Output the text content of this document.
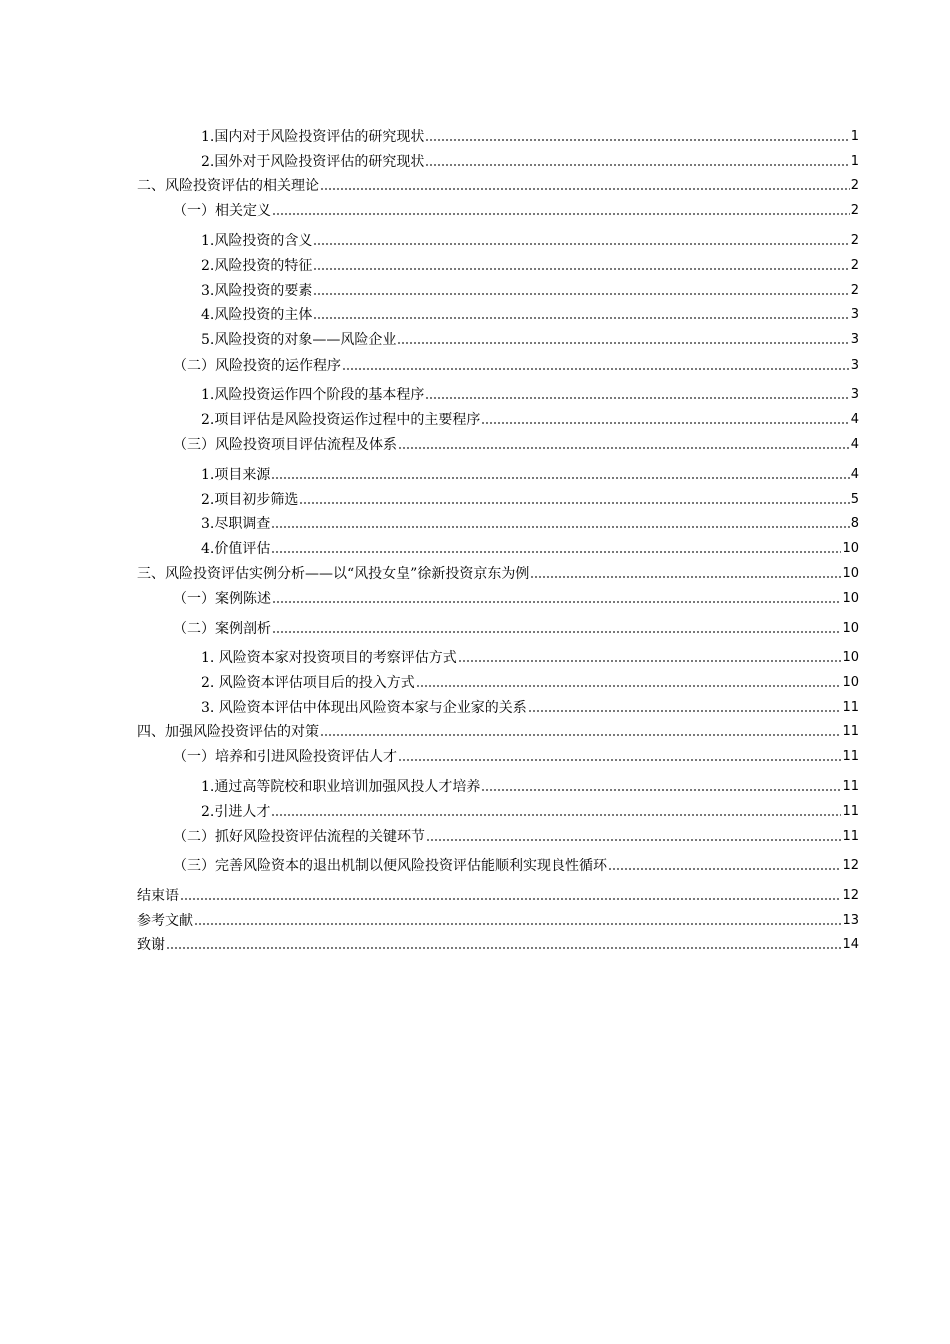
1.国内对于风险投资评估的研究现状	1
2.国外对于风险投资评估的研究现状	1
二、风险投资评估的相关理论	2
（一）相关定义	2
1.风险投资的含义	2
2.风险投资的特征	2
3.风险投资的要素	2
4.风险投资的主体	3
5.风险投资的对象——风险企业	3
（二）风险投资的运作程序	3
1.风险投资运作四个阶段的基本程序	3
2.项目评估是风险投资运作过程中的主要程序	4
（三）风险投资项目评估流程及体系	4
1.项目来源	4
2.项目初步筛选	5
3.尽职调查	8
4.价值评估	10
三、风险投资评估实例分析——以“风投女皇”徐新投资京东为例	10
（一）案例陈述	10
（二）案例剖析	10
1. 风险资本家对投资项目的考察评估方式	10
2. 风险资本评估项目后的投入方式	10
3. 风险资本评估中体现出风险资本家与企业家的关系	11
四、加强风险投资评估的对策	11
（一）培养和引进风险投资评估人才	11
1.通过高等院校和职业培训加强风投人才培养	11
2.引进人才	11
（二）抓好风险投资评估流程的关键环节	11
（三）完善风险资本的退出机制以便风险投资评估能顺利实现良性循环	12
结束语	12
参考文献	13
致谢	14
